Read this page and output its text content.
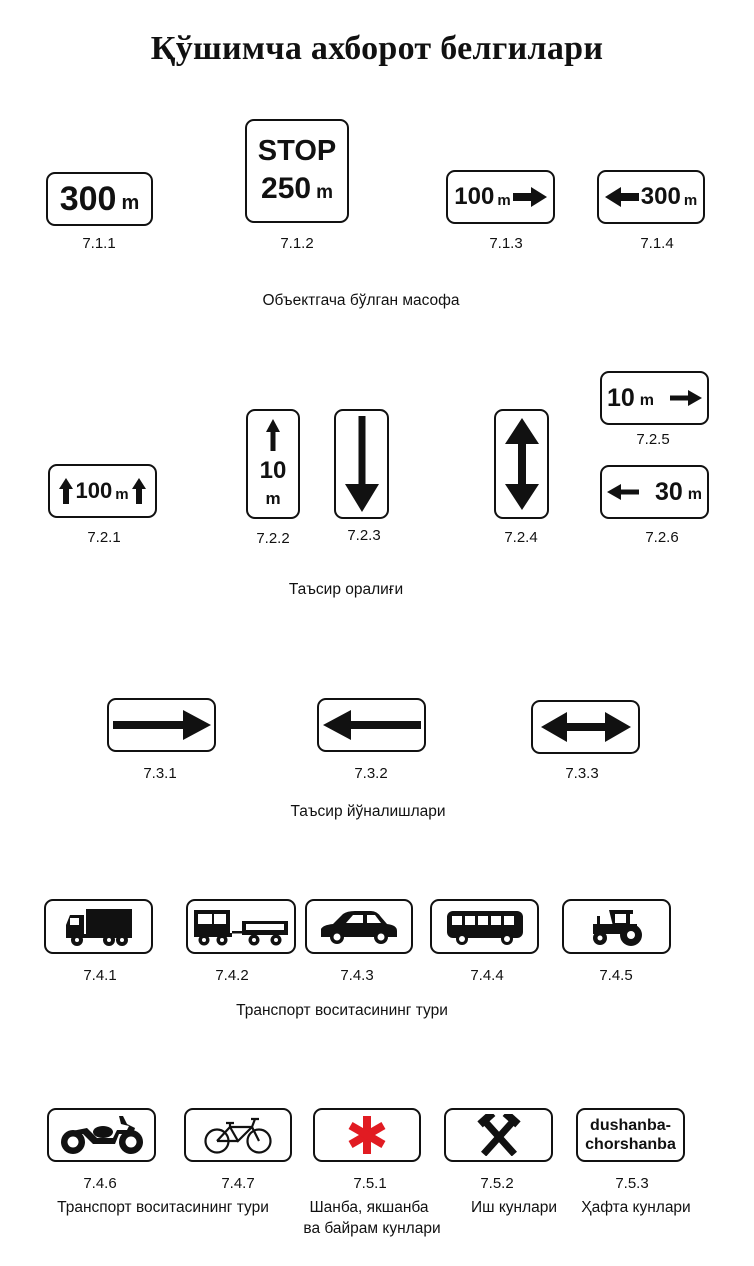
Қўшимча ахборот белгилари
300 m
7.1.1
STOP
250 m
7.1.2
100 m
7.1.3
300 m
7.1.4
Объектгача бўлган масофа
100 m
7.2.1
10
m
7.2.2	7.2.3	7.2.4
10 m
7.2.5
30 m
7.2.6
Таъсир оралиғи
7.3.1	7.3.2	7.3.3
Таъсир йўналишлари
7.4.1	7.4.2	7.4.3	7.4.4	7.4.5
Транспорт воситасининг тури
7.4.6	7.4.7	7.5.1	7.5.2
dushanba-
chorshanba
7.5.3
Транспорт воситасининг тури	Шанба, якшанба
ва байрам кунлари
Иш кунлари Ҳафта кунлари
